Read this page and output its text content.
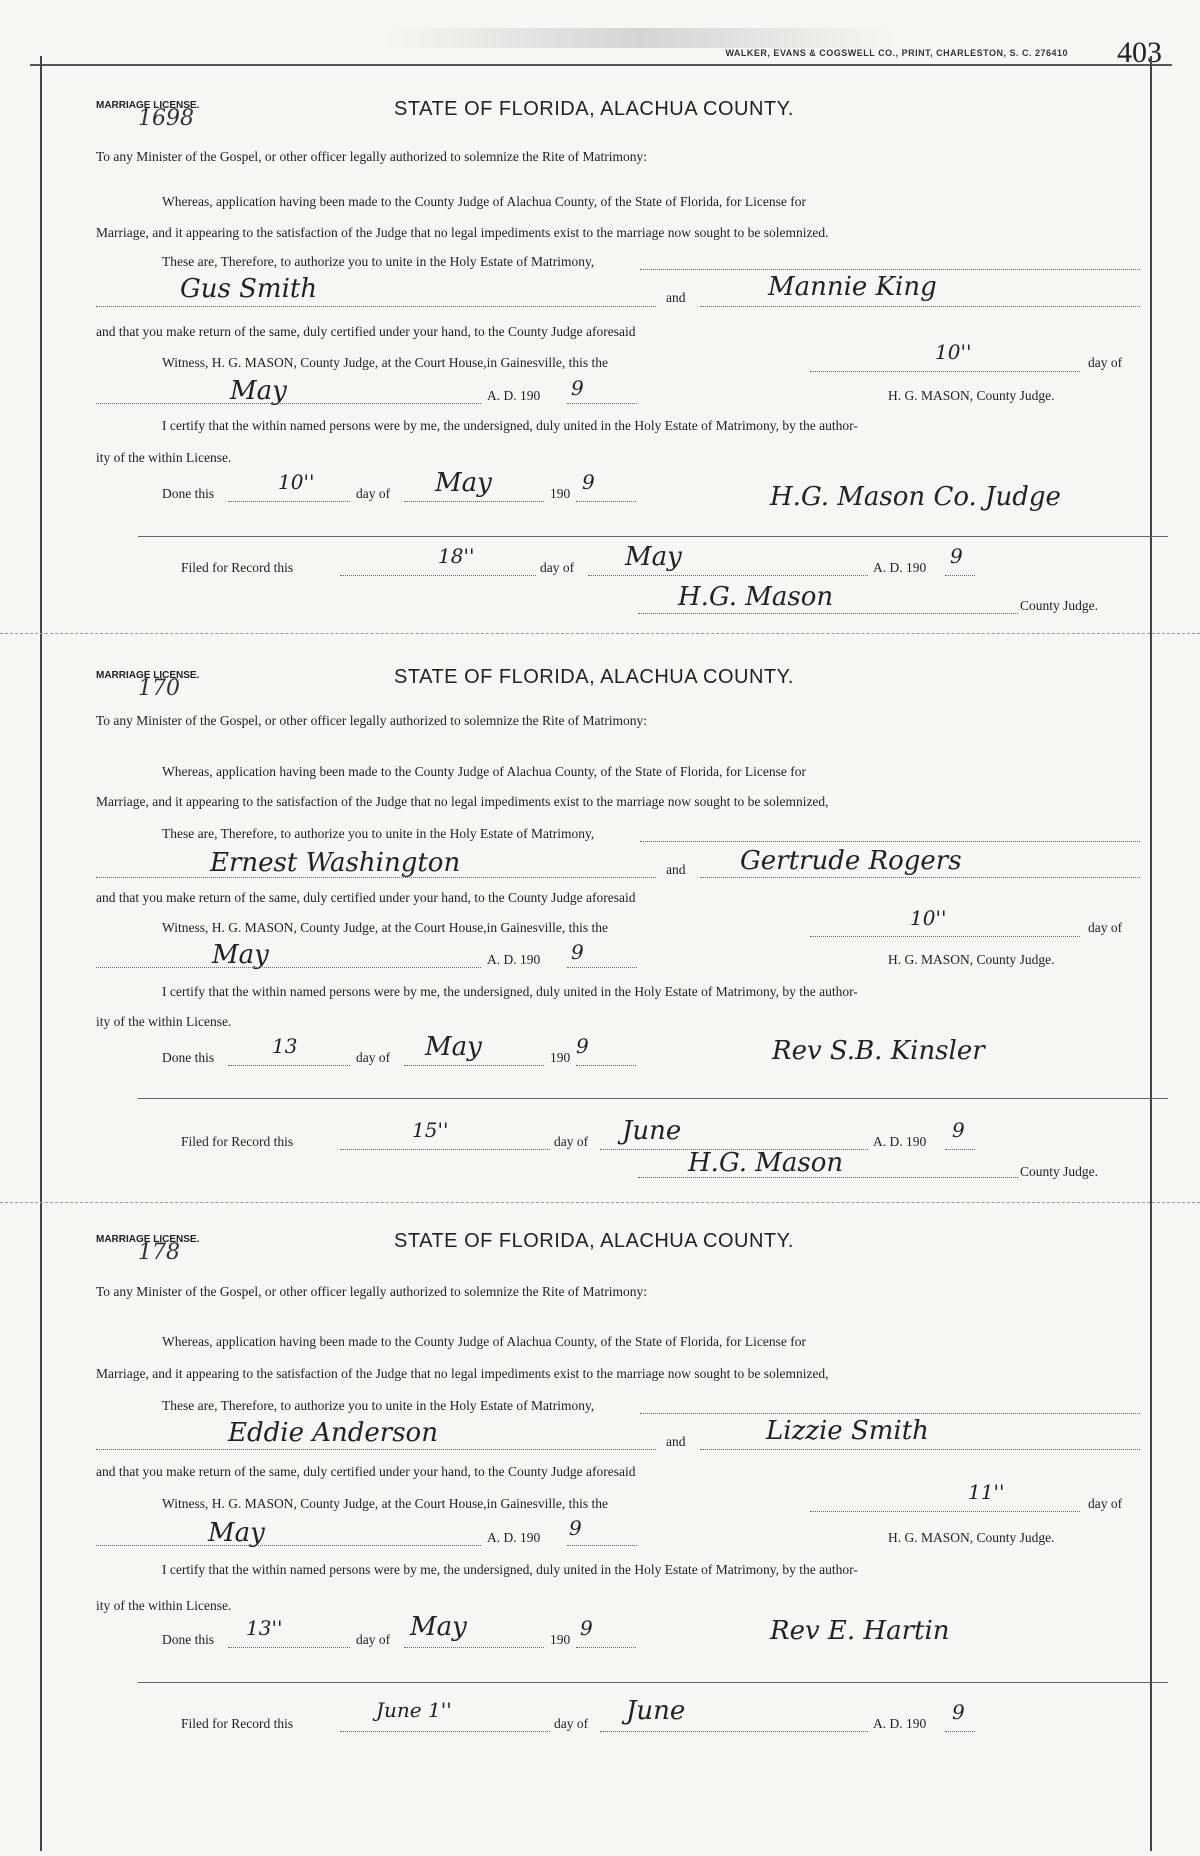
WALKER, EVANS & COGSWELL CO., PRINT, CHARLESTON, S. C. 276410 403
MARRIAGE LICENSE.
1698	STATE OF FLORIDA, ALACHUA COUNTY.
To any Minister of the Gospel, or other officer legally authorized to solemnize the Rite of Matrimony:
Whereas, application having been made to the County Judge of Alachua County, of the State of Florida, for License for
Marriage, and it appearing to the satisfaction of the Judge that no legal impediments exist to the marriage now sought to be solemnized.
These are, Therefore, to authorize you to unite in the Holy Estate of Matrimony,
Gus Smith	and	Mannie King
and that you make return of the same, duly certified under your hand, to the County Judge aforesaid
Witness, H. G. MASON, County Judge, at the Court House,in Gainesville, this the	10''	day of
May	A. D. 190 9	H. G. MASON, County Judge.
I certify that the within named persons were by me, the undersigned, duly united in the Holy Estate of Matrimony, by the author-
ity of the within License.
Done this	10''	day of May	190 9	H.G. Mason Co. Judge
Filed for Record this	18''	day of May	A. D. 190 9
H.G. Mason	County Judge.
MARRIAGE LICENSE.
170	STATE OF FLORIDA, ALACHUA COUNTY.
To any Minister of the Gospel, or other officer legally authorized to solemnize the Rite of Matrimony:
Whereas, application having been made to the County Judge of Alachua County, of the State of Florida, for License for
Marriage, and it appearing to the satisfaction of the Judge that no legal impediments exist to the marriage now sought to be solemnized,
These are, Therefore, to authorize you to unite in the Holy Estate of Matrimony,
Ernest Washington	and Gertrude Rogers
and that you make return of the same, duly certified under your hand, to the County Judge aforesaid
Witness, H. G. MASON, County Judge, at the Court House,in Gainesville, this the	10''	day of
May	A. D. 190 9	H. G. MASON, County Judge.
I certify that the within named persons were by me, the undersigned, duly united in the Holy Estate of Matrimony, by the author-
ity of the within License.
Done this	13	day of May	190 9	Rev S.B. Kinsler
Filed for Record this	15''	day of June	A. D. 190 9
H.G. Mason	County Judge.
MARRIAGE LICENSE.
178	STATE OF FLORIDA, ALACHUA COUNTY.
To any Minister of the Gospel, or other officer legally authorized to solemnize the Rite of Matrimony:
Whereas, application having been made to the County Judge of Alachua County, of the State of Florida, for License for
Marriage, and it appearing to the satisfaction of the Judge that no legal impediments exist to the marriage now sought to be solemnized,
These are, Therefore, to authorize you to unite in the Holy Estate of Matrimony,
Eddie Anderson	and	Lizzie Smith
and that you make return of the same, duly certified under your hand, to the County Judge aforesaid
Witness, H. G. MASON, County Judge, at the Court House,in Gainesville, this the	11''	day of
May	A. D. 190 9	H. G. MASON, County Judge.
I certify that the within named persons were by me, the undersigned, duly united in the Holy Estate of Matrimony, by the author-
ity of the within License.
Done this 13''	day of May	190 9	Rev E. Hartin
Filed for Record this
June 1''
day of June	A. D. 190 9
